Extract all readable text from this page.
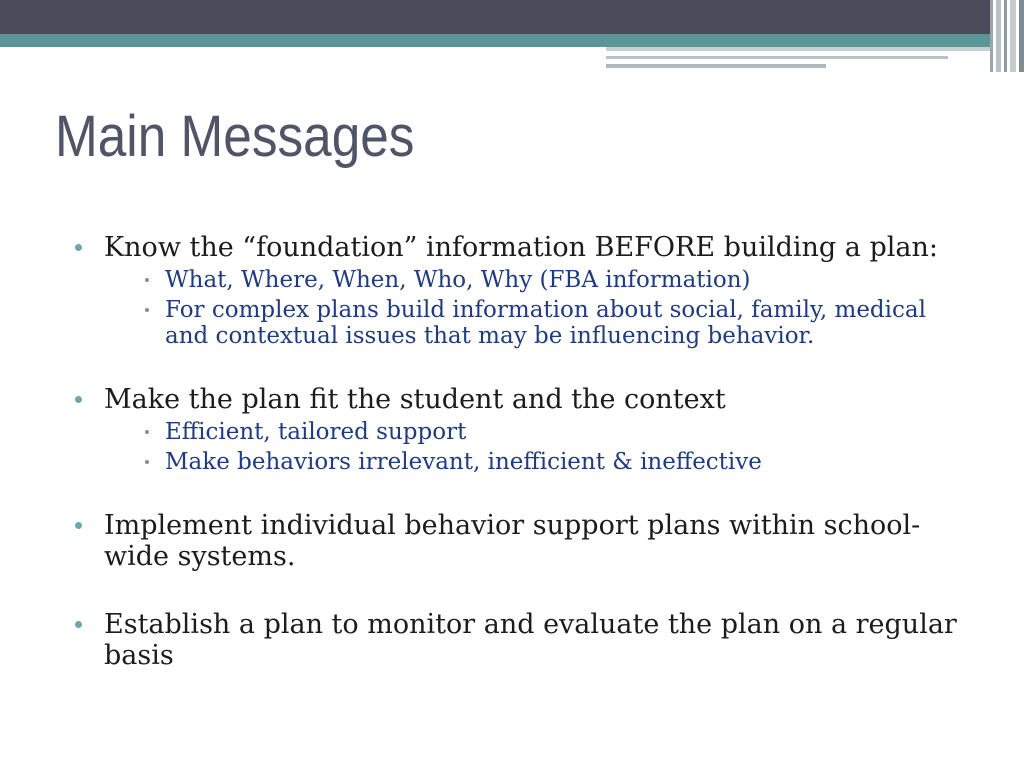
Main Messages
Know the “foundation” information BEFORE building a plan:
What, Where, When, Who, Why (FBA information)
For complex plans build information about social, family, medical
and contextual issues that may be influencing behavior.
Make the plan fit the student and the context
Efficient, tailored support
Make behaviors irrelevant, inefficient & ineffective
Implement individual behavior support plans within school-
wide systems.
Establish a plan to monitor and evaluate the plan on a regular
basis
